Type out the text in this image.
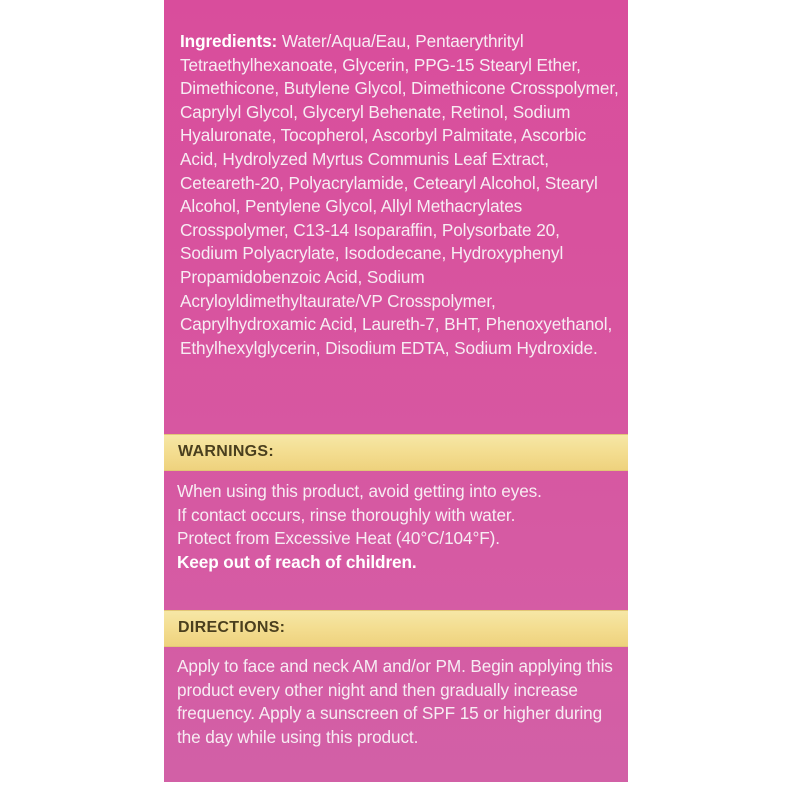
Ingredients: Water/Aqua/Eau, Pentaerythrityl Tetraethylhexanoate, Glycerin, PPG-15 Stearyl Ether, Dimethicone, Butylene Glycol, Dimethicone Crosspolymer, Caprylyl Glycol, Glyceryl Behenate, Retinol, Sodium Hyaluronate, Tocopherol, Ascorbyl Palmitate, Ascorbic Acid, Hydrolyzed Myrtus Communis Leaf Extract, Ceteareth-20, Polyacrylamide, Cetearyl Alcohol, Stearyl Alcohol, Pentylene Glycol, Allyl Methacrylates Crosspolymer, C13-14 Isoparaffin, Polysorbate 20, Sodium Polyacrylate, Isododecane, Hydroxyphenyl Propamidobenzoic Acid, Sodium Acryloyldimethyltaurate/VP Crosspolymer, Caprylhydroxamic Acid, Laureth-7, BHT, Phenoxyethanol, Ethylhexylglycerin, Disodium EDTA, Sodium Hydroxide.
WARNINGS:
When using this product, avoid getting into eyes.
If contact occurs, rinse thoroughly with water.
Protect from Excessive Heat (40°C/104°F).
Keep out of reach of children.
DIRECTIONS:
Apply to face and neck AM and/or PM. Begin applying this product every other night and then gradually increase frequency. Apply a sunscreen of SPF 15 or higher during the day while using this product.
